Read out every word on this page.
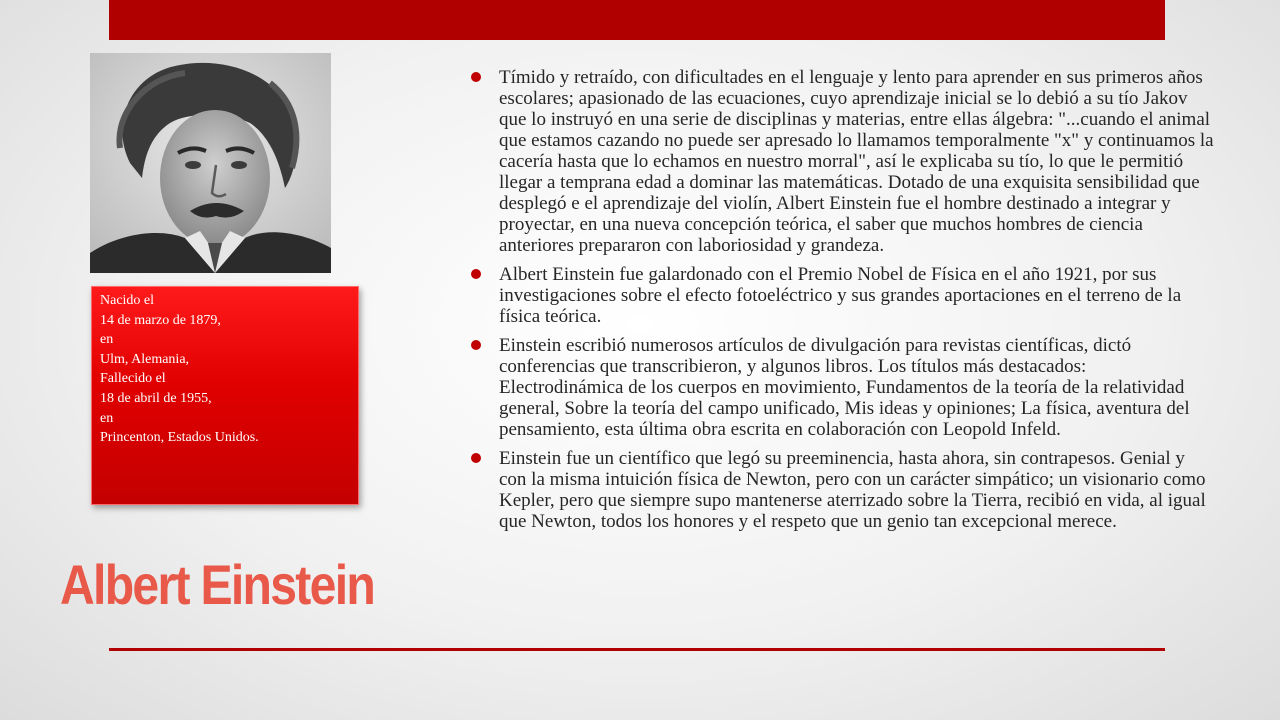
Nacido el
14 de marzo de 1879,
en
Ulm, Alemania,
Fallecido el
18 de abril de 1955,
en
Princenton, Estados Unidos.
Albert Einstein
Tímido y retraído, con dificultades en el lenguaje y lento para aprender en sus primeros años escolares; apasionado de las ecuaciones, cuyo aprendizaje inicial se lo debió a su tío Jakov que lo instruyó en una serie de disciplinas y materias, entre ellas álgebra: "...cuando el animal que estamos cazando no puede ser apresado lo llamamos temporalmente "x" y continuamos la cacería hasta que lo echamos en nuestro morral", así le explicaba su tío, lo que le permitió llegar a temprana edad a dominar las matemáticas. Dotado de una exquisita sensibilidad que desplegó e el aprendizaje del violín, Albert Einstein fue el hombre destinado a integrar y proyectar, en una nueva concepción teórica, el saber que muchos hombres de ciencia anteriores prepararon con laboriosidad y grandeza.
Albert Einstein fue galardonado con el Premio Nobel de Física en el año 1921, por sus investigaciones sobre el efecto fotoeléctrico y sus grandes aportaciones en el terreno de la física teórica.
Einstein escribió numerosos artículos de divulgación para revistas científicas, dictó conferencias que transcribieron, y algunos libros. Los títulos más destacados: Electrodinámica de los cuerpos en movimiento, Fundamentos de la teoría de la relatividad general, Sobre la teoría del campo unificado, Mis ideas y opiniones; La física, aventura del pensamiento, esta última obra escrita en colaboración con Leopold Infeld.
Einstein fue un científico que legó su preeminencia, hasta ahora, sin contrapesos. Genial y con la misma intuición física de Newton, pero con un carácter simpático; un visionario como Kepler, pero que siempre supo mantenerse aterrizado sobre la Tierra, recibió en vida, al igual que Newton, todos los honores y el respeto que un genio tan excepcional merece.
